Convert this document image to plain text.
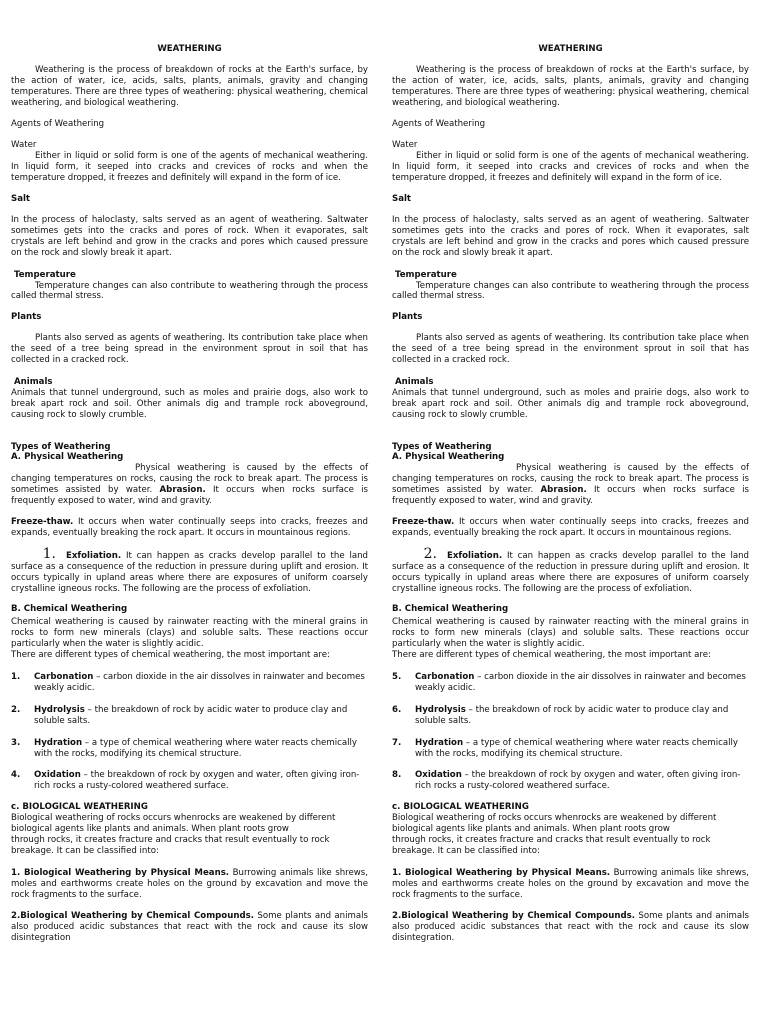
WEATHERING

Weathering is the process of breakdown of rocks at the Earth's surface, by the action of water, ice, acids, salts, plants, animals, gravity and changing temperatures. There are three types of weathering: physical weathering, chemical weathering, and biological weathering.

Agents of Weathering

Water

Either in liquid or solid form is one of the agents of mechanical weathering. In liquid form, it seeped into cracks and crevices of rocks and when the temperature dropped, it freezes and definitely will expand in the form of ice.

Salt

In the process of haloclasty, salts served as an agent of weathering. Saltwater sometimes gets into the cracks and pores of rock. When it evaporates, salt crystals are left behind and grow in the cracks and pores which caused pressure on the rock and slowly break it apart.

Temperature

Temperature changes can also contribute to weathering through the process called thermal stress.

Plants

Plants also served as agents of weathering. Its contribution take place when the seed of a tree being spread in the environment sprout in soil that has collected in a cracked rock.

Animals

Animals that tunnel underground, such as moles and prairie dogs, also work to break apart rock and soil. Other animals dig and trample rock aboveground, causing rock to slowly crumble.

Types of Weathering

A. Physical Weathering

Physical weathering is caused by the effects of changing temperatures on rocks, causing the rock to break apart. The process is sometimes assisted by water. Abrasion. It occurs when rocks surface is frequently exposed to water, wind and gravity.

Freeze-thaw. It occurs when water continually seeps into cracks, freezes and expands, eventually breaking the rock apart. It occurs in mountainous regions.

1. Exfoliation. It can happen as cracks develop parallel to the land surface as a consequence of the reduction in pressure during uplift and erosion. It occurs typically in upland areas where there are exposures of uniform coarsely crystalline igneous rocks. The following are the process of exfoliation.

B. Chemical Weathering

Chemical weathering is caused by rainwater reacting with the mineral grains in rocks to form new minerals (clays) and soluble salts. These reactions occur particularly when the water is slightly acidic.

There are different types of chemical weathering, the most important are:

1. Carbonation – carbon dioxide in the air dissolves in rainwater and becomes weakly acidic.
2. Hydrolysis – the breakdown of rock by acidic water to produce clay and soluble salts.
3. Hydration – a type of chemical weathering where water reacts chemically with the rocks, modifying its chemical structure.
4. Oxidation – the breakdown of rock by oxygen and water, often giving iron-rich rocks a rusty-colored weathered surface.

c. BIOLOGICAL WEATHERING

Biological weathering of rocks occurs whenrocks are weakened by different

biological agents like plants and animals. When plant roots grow

through rocks, it creates fracture and cracks that result eventually to rock

breakage. It can be classified into:

1. Biological Weathering by Physical Means. Burrowing animals like shrews, moles and earthworms create holes on the ground by excavation and move the rock fragments to the surface.

2.Biological Weathering by Chemical Compounds. Some plants and animals also produced acidic substances that react with the rock and cause its slow disintegration

WEATHERING

Weathering is the process of breakdown of rocks at the Earth's surface, by the action of water, ice, acids, salts, plants, animals, gravity and changing temperatures. There are three types of weathering: physical weathering, chemical weathering, and biological weathering.

Agents of Weathering

Water

Either in liquid or solid form is one of the agents of mechanical weathering. In liquid form, it seeped into cracks and crevices of rocks and when the temperature dropped, it freezes and definitely will expand in the form of ice.

Salt

In the process of haloclasty, salts served as an agent of weathering. Saltwater sometimes gets into the cracks and pores of rock. When it evaporates, salt crystals are left behind and grow in the cracks and pores which caused pressure on the rock and slowly break it apart.

Temperature

Temperature changes can also contribute to weathering through the process called thermal stress.

Plants

Plants also served as agents of weathering. Its contribution take place when the seed of a tree being spread in the environment sprout in soil that has collected in a cracked rock.

Animals

Animals that tunnel underground, such as moles and prairie dogs, also work to break apart rock and soil. Other animals dig and trample rock aboveground, causing rock to slowly crumble.

Types of Weathering

A. Physical Weathering

Physical weathering is caused by the effects of changing temperatures on rocks, causing the rock to break apart. The process is sometimes assisted by water. Abrasion. It occurs when rocks surface is frequently exposed to water, wind and gravity.

Freeze-thaw. It occurs when water continually seeps into cracks, freezes and expands, eventually breaking the rock apart. It occurs in mountainous regions.

2. Exfoliation. It can happen as cracks develop parallel to the land surface as a consequence of the reduction in pressure during uplift and erosion. It occurs typically in upland areas where there are exposures of uniform coarsely crystalline igneous rocks. The following are the process of exfoliation.

B. Chemical Weathering

Chemical weathering is caused by rainwater reacting with the mineral grains in rocks to form new minerals (clays) and soluble salts. These reactions occur particularly when the water is slightly acidic.

There are different types of chemical weathering, the most important are:

5. Carbonation – carbon dioxide in the air dissolves in rainwater and becomes weakly acidic.
6. Hydrolysis – the breakdown of rock by acidic water to produce clay and soluble salts.
7. Hydration – a type of chemical weathering where water reacts chemically with the rocks, modifying its chemical structure.
8. Oxidation – the breakdown of rock by oxygen and water, often giving iron-rich rocks a rusty-colored weathered surface.

c. BIOLOGICAL WEATHERING

Biological weathering of rocks occurs whenrocks are weakened by different

biological agents like plants and animals. When plant roots grow

through rocks, it creates fracture and cracks that result eventually to rock

breakage. It can be classified into:

1. Biological Weathering by Physical Means. Burrowing animals like shrews, moles and earthworms create holes on the ground by excavation and move the rock fragments to the surface.

2.Biological Weathering by Chemical Compounds. Some plants and animals also produced acidic substances that react with the rock and cause its slow disintegration.
